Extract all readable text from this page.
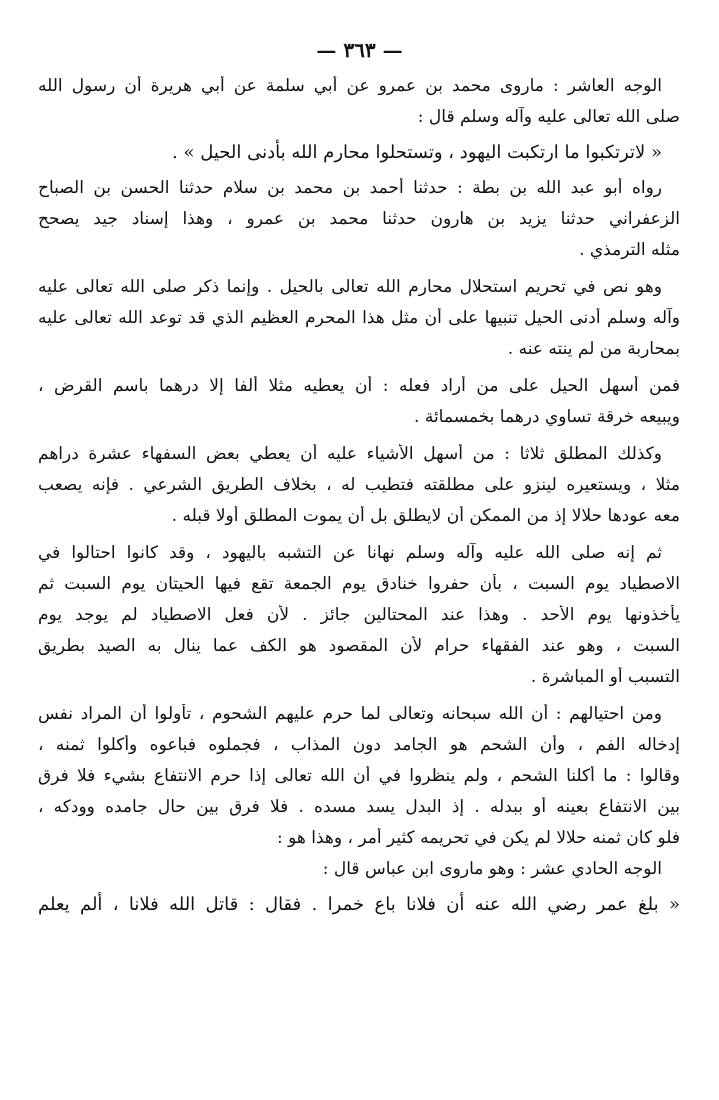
— ٣٦٣ —
الوجه العاشر : ماروى محمد بن عمرو عن أبي سلمة عن أبي هريرة أن رسول الله
صلى الله تعالى عليه وآله وسلم قال :
« لاترتكبوا ما ارتكبت اليهود ، وتستحلوا محارم الله بأدنى الحيل » .
رواه أبو عبد الله بن بطة : حدثنا أحمد بن محمد بن سلام حدثنا الحسن بن الصباح
الزعفراني حدثنا يزيد بن هارون حدثنا محمد بن عمرو ، وهذا إسناد جيد يصحح
مثله الترمذي .
وهو نص في تحريم استحلال محارم الله تعالى بالحيل . وإنما ذكر صلى الله تعالى عليه
وآله وسلم أدنى الحيل تنبيها على أن مثل هذا المحرم العظيم الذي قد توعد الله تعالى عليه
بمحاربة من لم ينته عنه .
فمن أسهل الحيل على من أراد فعله : أن يعطيه مثلا ألفا إلا درهما باسم القرض ،
ويبيعه خرقة تساوي درهما بخمسمائة .
وكذلك المطلق ثلاثا : من أسهل الأشياء عليه أن يعطي بعض السفهاء عشرة دراهم
مثلا ، ويستعيره لينزو على مطلقته فتطيب له ، بخلاف الطريق الشرعي . فإنه يصعب
معه عودها حلالا إذ من الممكن أن لايطلق بل أن يموت المطلق أولا قبله .
ثم إنه صلى الله عليه وآله وسلم نهانا عن التشبه باليهود ، وقد كانوا احتالوا في
الاصطياد يوم السبت ، بأن حفروا خنادق يوم الجمعة تقع فيها الحيتان يوم السبت ثم
يأخذونها يوم الأحد . وهذا عند المحتالين جائز . لأن فعل الاصطياد لم يوجد يوم
السبت ، وهو عند الفقهاء حرام لأن المقصود هو الكف عما ينال به الصيد بطريق
التسبب أو المباشرة .
ومن احتيالهم : أن الله سبحانه وتعالى لما حرم عليهم الشحوم ، تأولوا أن المراد نفس
إدخاله الفم ، وأن الشحم هو الجامد دون المذاب ، فجملوه فباعوه وأكلوا ثمنه ،
وقالوا : ما أكلنا الشحم ، ولم ينظروا في أن الله تعالى إذا حرم الانتفاع بشيء فلا فرق
بين الانتفاع بعينه أو ببدله . إذ البدل يسد مسده . فلا فرق بين حال جامده وودكه ،
فلو كان ثمنه حلالا لم يكن في تحريمه كثير أمر ، وهذا هو :
الوجه الحادي عشر : وهو ماروى ابن عباس قال :
« بلغ عمر رضي الله عنه أن فلانا باع خمرا . فقال : قاتل الله فلانا ، ألم يعلم
